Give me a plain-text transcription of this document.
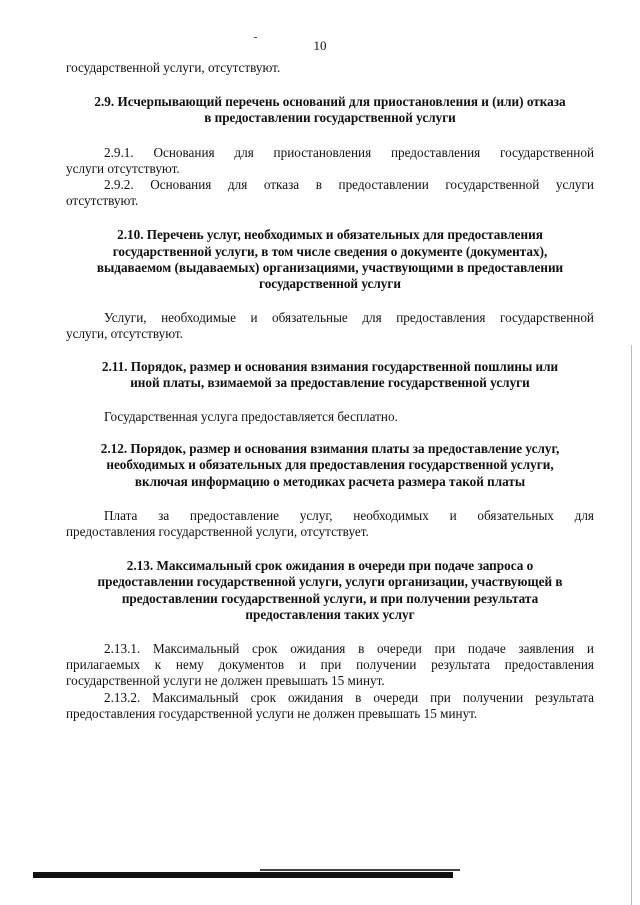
10

государственной услуги, отсутствуют.

2.9. Исчерпывающий перечень оснований для приостановления и (или) отказа

в предоставлении государственной услуги

2.9.1. Основания для приостановления предоставления государственной

услуги отсутствуют.

2.9.2. Основания для отказа в предоставлении государственной услуги

отсутствуют.

2.10. Перечень услуг, необходимых и обязательных для предоставления

государственной услуги, в том числе сведения о документе (документах),

выдаваемом (выдаваемых) организациями, участвующими в предоставлении

государственной услуги

Услуги, необходимые и обязательные для предоставления государственной

услуги, отсутствуют.

2.11. Порядок, размер и основания взимания государственной пошлины или

иной платы, взимаемой за предоставление государственной услуги

Государственная услуга предоставляется бесплатно.

2.12. Порядок, размер и основания взимания платы за предоставление услуг,

необходимых и обязательных для предоставления государственной услуги,

включая информацию о методиках расчета размера такой платы

Плата за предоставление услуг, необходимых и обязательных для

предоставления государственной услуги, отсутствует.

2.13. Максимальный срок ожидания в очереди при подаче запроса о

предоставлении государственной услуги, услуги организации, участвующей в

предоставлении государственной услуги, и при получении результата

предоставления таких услуг

2.13.1. Максимальный срок ожидания в очереди при подаче заявления и

прилагаемых к нему документов и при получении результата предоставления

государственной услуги не должен превышать 15 минут.

2.13.2. Максимальный срок ожидания в очереди при получении результата

предоставления государственной услуги не должен превышать 15 минут.
